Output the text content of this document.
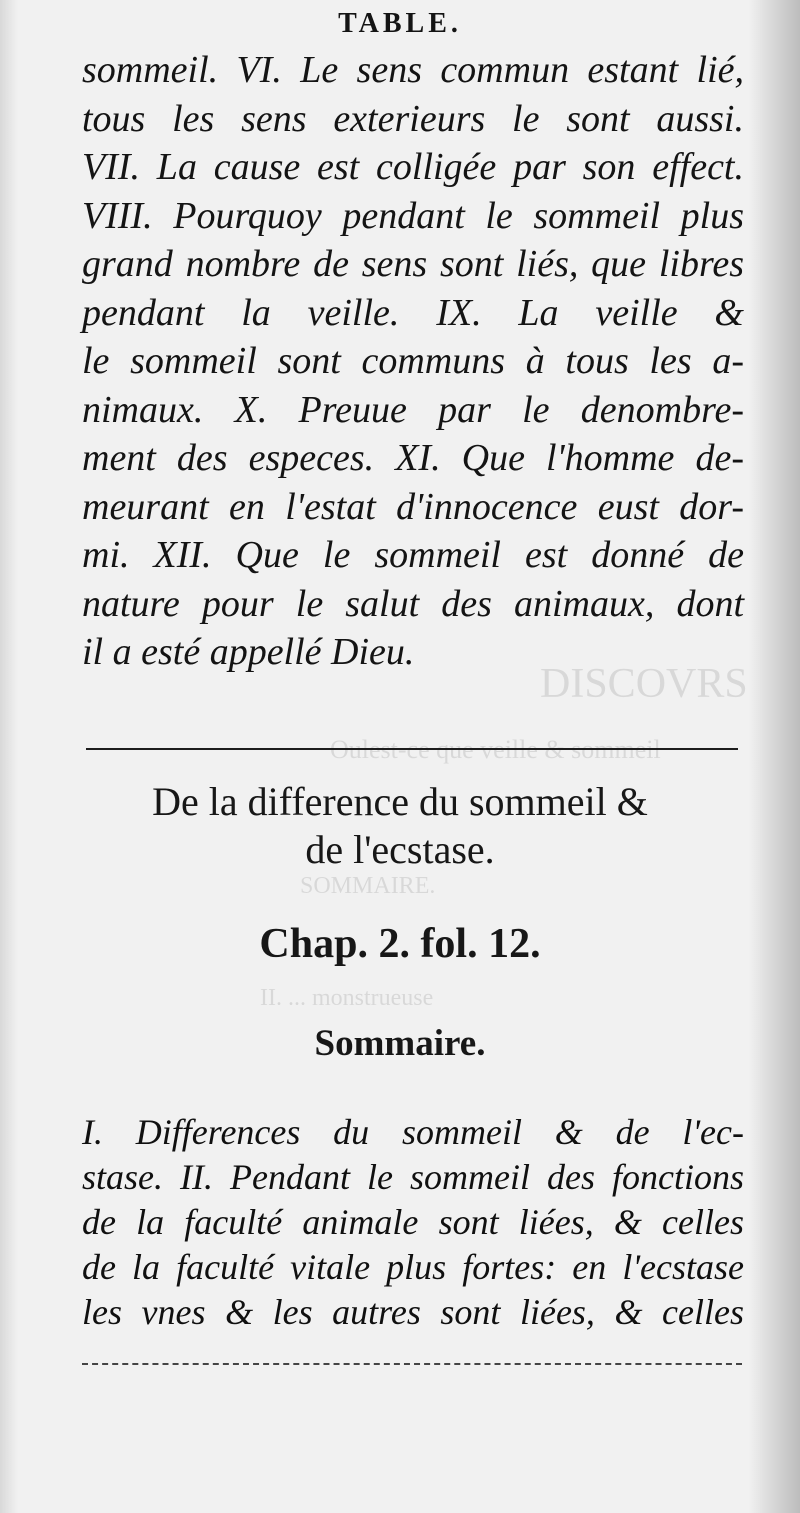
DISCOVRS
Oulest-ce que veille & sommeil
SOMMAIRE.
II. ... monstrueuse
TABLE.
sommeil. VI. Le sens commun estant lié,
tous les sens exterieurs le sont aussi.
VII. La cause est colligée par son effect.
VIII. Pourquoy pendant le sommeil plus
grand nombre de sens sont liés, que libres
pendant la veille. IX. La veille &
le sommeil sont communs à tous les a-
nimaux. X. Preuue par le denombre-
ment des especes. XI. Que l'homme de-
meurant en l'estat d'innocence eust dor-
mi. XII. Que le sommeil est donné de
nature pour le salut des animaux, dont
il a esté appellé Dieu.
De la difference du sommeil &
de l'ecstase.
Chap. 2. fol. 12.
Sommaire.
I. Differences du sommeil & de l'ec-
stase. II. Pendant le sommeil des fonctions
de la faculté animale sont liées, & celles
de la faculté vitale plus fortes: en l'ecstase
les vnes & les autres sont liées, & celles
